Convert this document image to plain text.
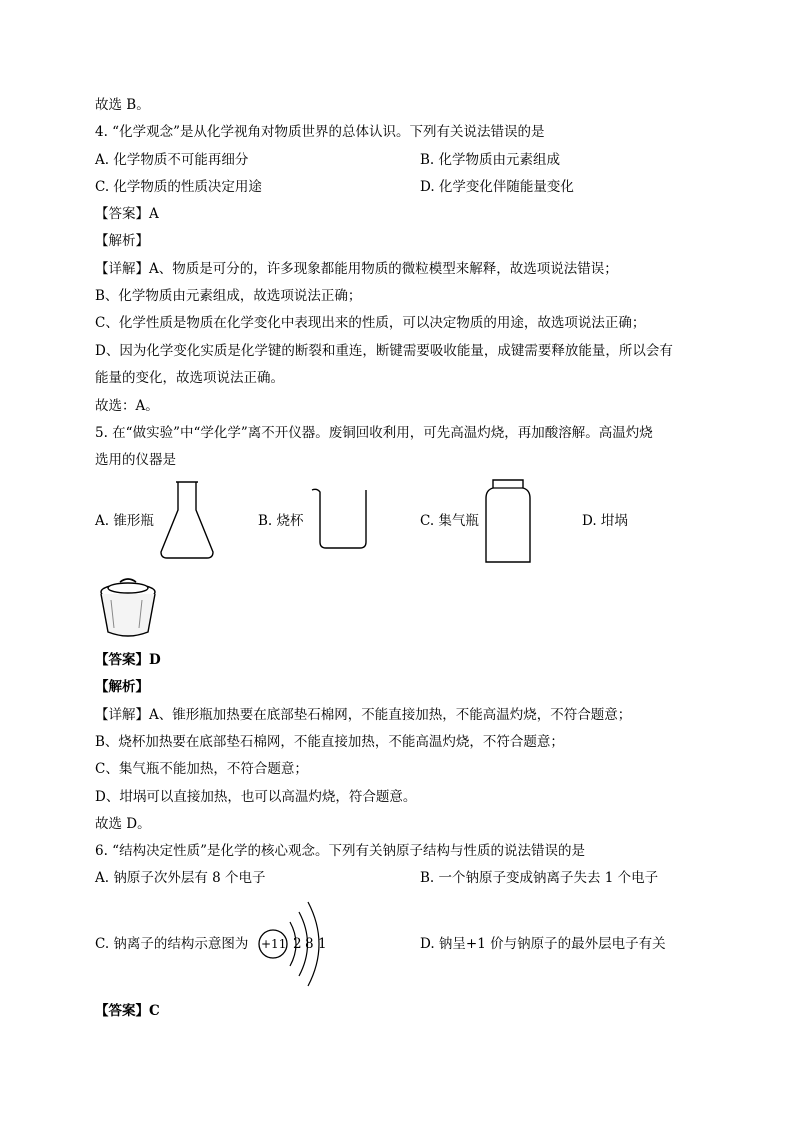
故选 B。
4. “化学观念”是从化学视角对物质世界的总体认识。下列有关说法错误的是
A. 化学物质不可能再细分	B. 化学物质由元素组成
C. 化学物质的性质决定用途	D. 化学变化伴随能量变化
【答案】A
【解析】
【详解】A、物质是可分的，许多现象都能用物质的微粒模型来解释，故选项说法错误；
B、化学物质由元素组成，故选项说法正确；
C、化学性质是物质在化学变化中表现出来的性质，可以决定物质的用途，故选项说法正确；
D、因为化学变化实质是化学键的断裂和重连，断键需要吸收能量，成键需要释放能量，所以会有
能量的变化，故选项说法正确。
故选：A。
5. 在“做实验”中“学化学”离不开仪器。废铜回收利用，可先高温灼烧，再加酸溶解。高温灼烧
选用的仪器是
A. 锥形瓶	B. 烧杯	C. 集气瓶	D. 坩埚
【答案】D
【解析】
【详解】A、锥形瓶加热要在底部垫石棉网，不能直接加热，不能高温灼烧，不符合题意；
B、烧杯加热要在底部垫石棉网，不能直接加热，不能高温灼烧，不符合题意；
C、集气瓶不能加热，不符合题意；
D、坩埚可以直接加热，也可以高温灼烧，符合题意。
故选 D。
6. “结构决定性质”是化学的核心观念。下列有关钠原子结构与性质的说法错误的是
A. 钠原子次外层有 8 个电子	B. 一个钠原子变成钠离子失去 1 个电子
C. 钠离子的结构示意图为	D. 钠呈+1 价与钠原子的最外层电子有关
+11 2 8 1
【答案】C
